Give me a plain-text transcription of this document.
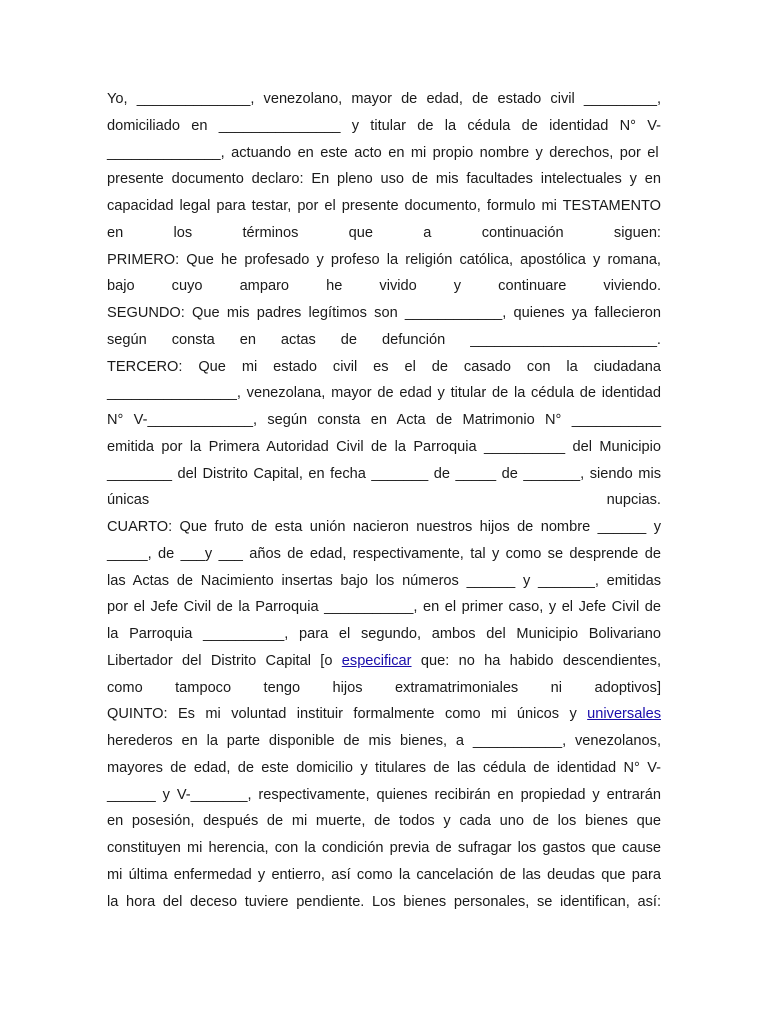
Yo, ______________, venezolano, mayor de edad, de estado civil _________,
domiciliado en _______________ y titular de la cédula de identidad N° V-
______________, actuando en este acto en mi propio nombre y derechos, por el
presente documento declaro: En pleno uso de mis facultades intelectuales y en
capacidad legal para testar, por el presente documento, formulo mi TESTAMENTO
en los términos que a continuación siguen:
PRIMERO: Que he profesado y profeso la religión católica, apostólica y romana,
bajo cuyo amparo he vivido y continuare viviendo.
SEGUNDO: Que mis padres legítimos son ____________, quienes ya fallecieron
según consta en actas de defunción _______________________.
TERCERO: Que mi estado civil es el de casado con la ciudadana
________________, venezolana, mayor de edad y titular de la cédula de identidad
N° V-_____________, según consta en Acta de Matrimonio N° ___________
emitida por la Primera Autoridad Civil de la Parroquia __________ del Municipio
________ del Distrito Capital, en fecha _______ de _____ de _______, siendo mis
únicas nupcias.
CUARTO: Que fruto de esta unión nacieron nuestros hijos de nombre ______ y
_____, de ___y ___ años de edad, respectivamente, tal y como se desprende de
las Actas de Nacimiento insertas bajo los números ______ y _______, emitidas
por el Jefe Civil de la Parroquia ___________, en el primer caso, y el Jefe Civil de
la Parroquia __________, para el segundo, ambos del Municipio Bolivariano
Libertador del Distrito Capital [o especificar que: no ha habido descendientes,
como tampoco tengo hijos extramatrimoniales ni adoptivos]
QUINTO: Es mi voluntad instituir formalmente como mi únicos y universales
herederos en la parte disponible de mis bienes, a ___________, venezolanos,
mayores de edad, de este domicilio y titulares de las cédula de identidad N° V-
______ y V-_______, respectivamente, quienes recibirán en propiedad y entrarán
en posesión, después de mi muerte, de todos y cada uno de los bienes que
constituyen mi herencia, con la condición previa de sufragar los gastos que cause
mi última enfermedad y entierro, así como la cancelación de las deudas que para
la hora del deceso tuviere pendiente. Los bienes personales, se identifican, así:
